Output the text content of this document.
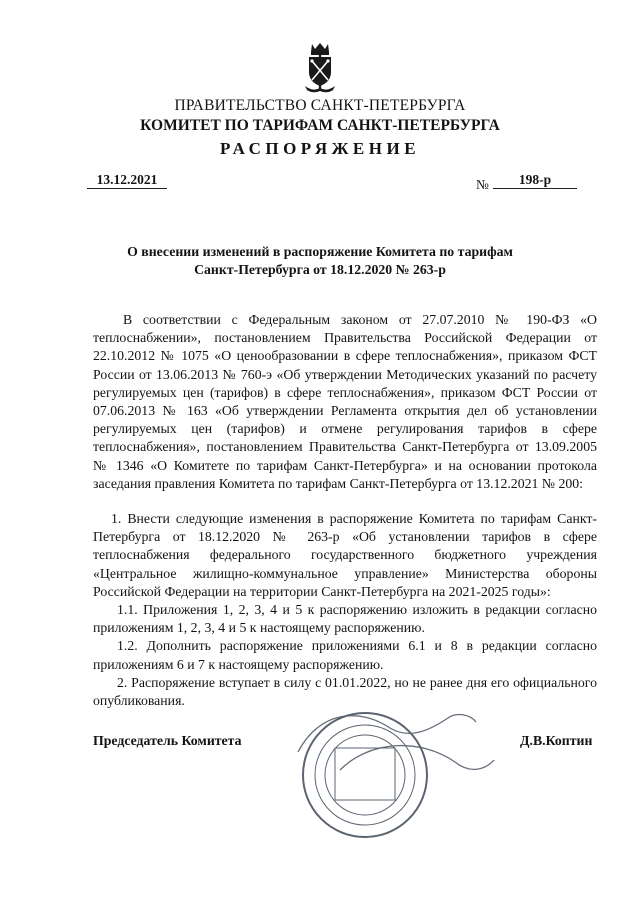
ПРАВИТЕЛЬСТВО САНКТ-ПЕТЕРБУРГА
КОМИТЕТ ПО ТАРИФАМ САНКТ-ПЕТЕРБУРГА
РАСПОРЯЖЕНИЕ
13.12.2021	№	198-р
О внесении изменений в распоряжение Комитета по тарифам
Санкт-Петербурга от 18.12.2020 № 263-р

В соответствии с Федеральным законом от 27.07.2010 № 190-ФЗ «О теплоснабжении», постановлением Правительства Российской Федерации от 22.10.2012 № 1075 «О ценообразовании в сфере теплоснабжения», приказом ФСТ России от 13.06.2013 № 760-э «Об утверждении Методических указаний по расчету регулируемых цен (тарифов) в сфере теплоснабжения», приказом ФСТ России от 07.06.2013 № 163 «Об утверждении Регламента открытия дел об установлении регулируемых цен (тарифов) и отмене регулирования тарифов в сфере теплоснабжения», постановлением Правительства Санкт-Петербурга от 13.09.2005 № 1346 «О Комитете по тарифам Санкт-Петербурга» и на основании протокола заседания правления Комитета по тарифам Санкт-Петербурга от 13.12.2021 № 200:

1. Внести следующие изменения в распоряжение Комитета по тарифам Санкт-Петербурга от 18.12.2020 № 263-р «Об установлении тарифов в сфере теплоснабжения федерального государственного бюджетного учреждения «Центральное жилищно-коммунальное управление» Министерства обороны Российской Федерации на территории Санкт-Петербурга на 2021-2025 годы»:

1.1. Приложения 1, 2, 3, 4 и 5 к распоряжению изложить в редакции согласно приложениям 1, 2, 3, 4 и 5 к настоящему распоряжению.

1.2. Дополнить распоряжение приложениями 6.1 и 8 в редакции согласно приложениям 6 и 7 к настоящему распоряжению.

2. Распоряжение вступает в силу с 01.01.2022, но не ранее дня его официального опубликования.

Председатель Комитета	Д.В.Коптин
